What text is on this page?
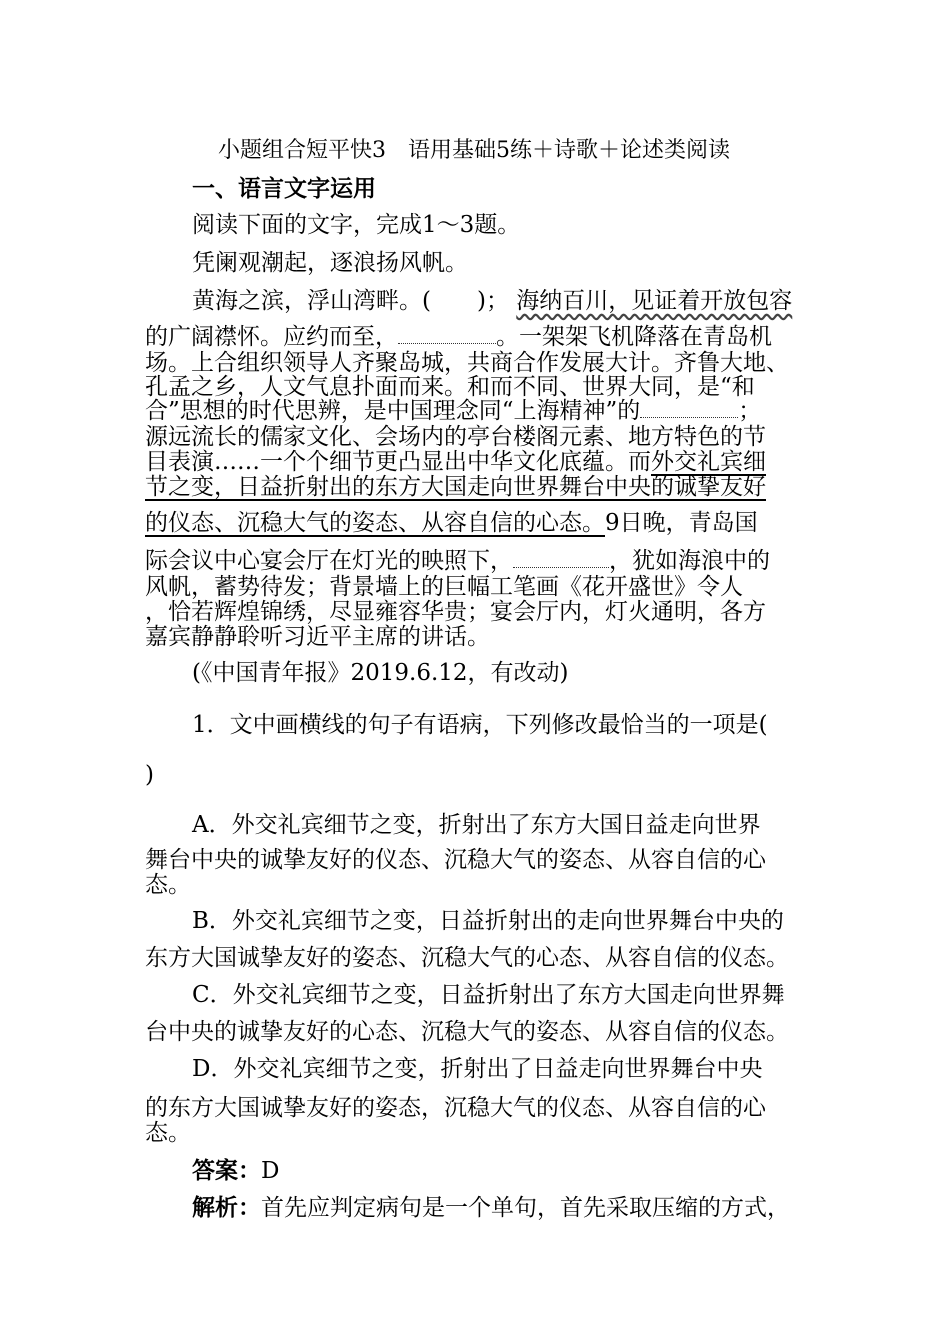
小题组合短平快3　语用基础5练＋诗歌＋论述类阅读
一、语言文字运用
阅读下面的文字，完成1～3题。
凭阑观潮起，逐浪扬风帆。
黄海之滨，浮山湾畔。(　　)； 海纳百川，见证着开放包容
的广阔襟怀。应约而至，	。一架架飞机降落在青岛机
场。上合组织领导人齐聚岛城，共商合作发展大计。齐鲁大地、
孔孟之乡，人文气息扑面而来。和而不同、世界大同，是“和
合”思想的时代思辨，是中国理念同“上海精神”的	；
源远流长的儒家文化、会场内的亭台楼阁元素、地方特色的节
目表演……一个个细节更凸显出中华文化底蕴。而外交礼宾细
节之变，日益折射出的东方大国走向世界舞台中央的诚挚友好
的仪态、沉稳大气的姿态、从容自信的心态。9日晚，青岛国
际会议中心宴会厅在灯光的映照下，	，犹如海浪中的
风帆，蓄势待发；背景墙上的巨幅工笔画《花开盛世》令人
，恰若辉煌锦绣，尽显雍容华贵；宴会厅内，灯火通明，各方
嘉宾静静聆听习近平主席的讲话。
(《中国青年报》2019.6.12，有改动)
1．文中画横线的句子有语病，下列修改最恰当的一项是(
)
A．外交礼宾细节之变，折射出了东方大国日益走向世界
舞台中央的诚挚友好的仪态、沉稳大气的姿态、从容自信的心
态。
B．外交礼宾细节之变，日益折射出的走向世界舞台中央的
东方大国诚挚友好的姿态、沉稳大气的心态、从容自信的仪态。
C．外交礼宾细节之变，日益折射出了东方大国走向世界舞
台中央的诚挚友好的心态、沉稳大气的姿态、从容自信的仪态。
D．外交礼宾细节之变，折射出了日益走向世界舞台中央
的东方大国诚挚友好的姿态，沉稳大气的仪态、从容自信的心
态。
答案：D
解析：首先应判定病句是一个单句，首先采取压缩的方式，
